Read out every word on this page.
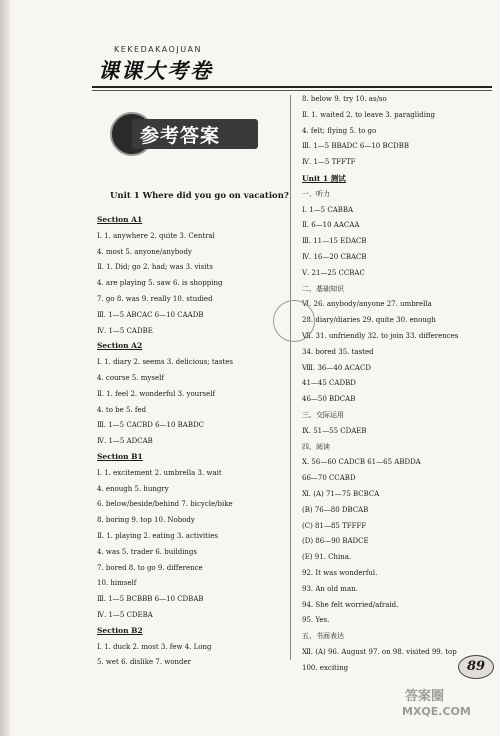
KEKEDAKAOJUAN
课课大考卷
参考答案
Unit 1 Where did you go on vacation?
Section A1
Ⅰ. 1. anywhere 2. quite 3. Central
4. most 5. anyone/anybody
Ⅱ. 1. Did; go 2. had; was 3. visits
4. are playing 5. saw 6. is shopping
7. go 8. was 9. really 10. studied
Ⅲ. 1—5 ABCAC 6—10 CAADB
Ⅳ. 1—5 CADBE
Section A2
Ⅰ. 1. diary 2. seems 3. delicious; tastes
4. course 5. myself
Ⅱ. 1. feel 2. wonderful 3. yourself
4. to be 5. fed
Ⅲ. 1—5 CACBD 6—10 BABDC
Ⅳ. 1—5 ADCAB
Section B1
Ⅰ. 1. excitement 2. umbrella 3. wait
4. enough 5. hungry
6. below/beside/behind 7. bicycle/bike
8. boring 9. top 10. Nobody
Ⅱ. 1. playing 2. eating 3. activities
4. was 5. trader 6. buildings
7. bored 8. to go 9. difference
10. himself
Ⅲ. 1—5 BCBBB 6—10 CDBAB
Ⅳ. 1—5 CDEBA
Section B2
Ⅰ. 1. duck 2. most 3. few 4. Long
5. wet 6. dislike 7. wonder
8. below 9. try 10. as/so
Ⅱ. 1. waited 2. to leave 3. paragliding
4. felt; flying 5. to go
Ⅲ. 1—5 BBADC 6—10 BCDBB
Ⅳ. 1—5 TFFTF
Unit 1 测试
一、听力
Ⅰ. 1—5 CABBA
Ⅱ. 6—10 AACAA
Ⅲ. 11—15 EDACB
Ⅳ. 16—20 CBACB
Ⅴ. 21—25 CCBAC
二、基础知识
Ⅵ. 26. anybody/anyone 27. umbrella
28. diary/diaries 29. quite 30. enough
Ⅶ. 31. unfriendly 32. to join 33. differences
34. bored 35. tasted
Ⅷ. 36—40 ACACD
41—45 CADBD
46—50 BDCAB
三、交际运用
Ⅸ. 51—55 CDAEB
四、阅读
Ⅹ. 56—60 CADCB 61—65 ABDDA
66—70 CCABD
Ⅺ. (A) 71—75 BCBCA
(B) 76—80 DBCAB
(C) 81—85 TFFFF
(D) 86—90 BADCE
(E) 91. China.
92. It was wonderful.
93. An old man.
94. She felt worried/afraid.
95. Yes.
五、书面表达
Ⅻ. (A) 96. August 97. on 98. visited 99. top
100. exciting	89
答案圈
MXQE.COM
